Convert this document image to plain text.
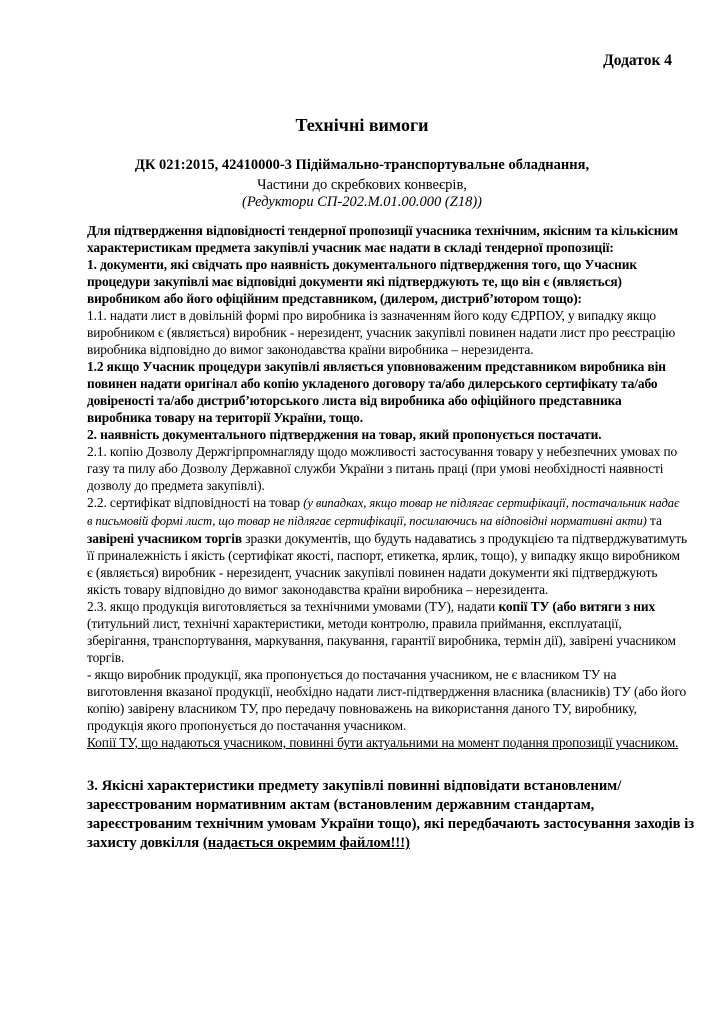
Додаток 4
Технічні вимоги
ДК 021:2015, 42410000-3 Підіймально-транспортувальне обладнання,
Частини до скребкових конвеєрів,
(Редуктори СП-202.М.01.00.000 (Z18))

Для підтвердження відповідності тендерної пропозиції учасника технічним, якісним та кількісним характеристикам предмета закупівлі учасник має надати в складі тендерної пропозиції:

1. документи, які свідчать про наявність документального підтвердження того, що Учасник процедури закупівлі має відповідні документи які підтверджують те, що він є (являється) виробником або його офіційним представником, (дилером, дистриб’ютором тощо):

1.1. надати лист в довільній формі про виробника із зазначенням його коду ЄДРПОУ, у випадку якщо виробником є (являється) виробник - нерезидент, учасник закупівлі повинен надати лист про реєстрацію виробника відповідно до вимог законодавства країни виробника – нерезидента.

1.2 якщо Учасник процедури закупівлі являється уповноваженим представником виробника він повинен надати оригінал або копію укладеного договору та/або дилерського сертифікату та/або довіреності та/або дистриб’юторського листа від виробника або офіційного представника виробника товару на території України, тощо.

2. наявність документального підтвердження на товар, який пропонується постачати.

2.1. копію Дозволу Держгірпромнагляду щодо можливості застосування товару у небезпечних умовах по газу та пилу або Дозволу Державної служби України з питань праці (при умові необхідності наявності дозволу до предмета закупівлі).

2.2. сертифікат відповідності на товар (у випадках, якщо товар не підлягає сертифікації, постачальник надає в письмовій формі лист, що товар не підлягає сертифікації, посилаючись на відповідні нормативні акти) та завірені учасником торгів зразки документів, що будуть надаватись з продукцією та підтверджуватимуть її приналежність і якість (сертифікат якості, паспорт, етикетка, ярлик, тощо), у випадку якщо виробником є (являється) виробник - нерезидент, учасник закупівлі повинен надати документи які підтверджують якість товару відповідно до вимог законодавства країни виробника – нерезидента.

2.3. якщо продукція виготовляється за технічними умовами (ТУ), надати копії ТУ (або витяги з них (титульний лист, технічні характеристики, методи контролю, правила приймання, експлуатації, зберігання, транспортування, маркування, пакування, гарантії виробника, термін дії), завірені учасником торгів.

- якщо виробник продукції, яка пропонується до постачання учасником, не є власником ТУ на виготовлення вказаної продукції, необхідно надати лист-підтвердження власника (власників) ТУ (або його копію) завірену власником ТУ, про передачу повноважень на використання даного ТУ, виробнику, продукція якого пропонується до постачання учасником.

Копії ТУ, що надаються учасником, повинні бути актуальними на момент подання пропозиції учасником.

3. Якісні характеристики предмету закупівлі повинні відповідати встановленим/зареєстрованим нормативним актам (встановленим державним стандартам, зареєстрованим технічним умовам України тощо), які передбачають застосування заходів із захисту довкілля (надається окремим файлом!!!)
